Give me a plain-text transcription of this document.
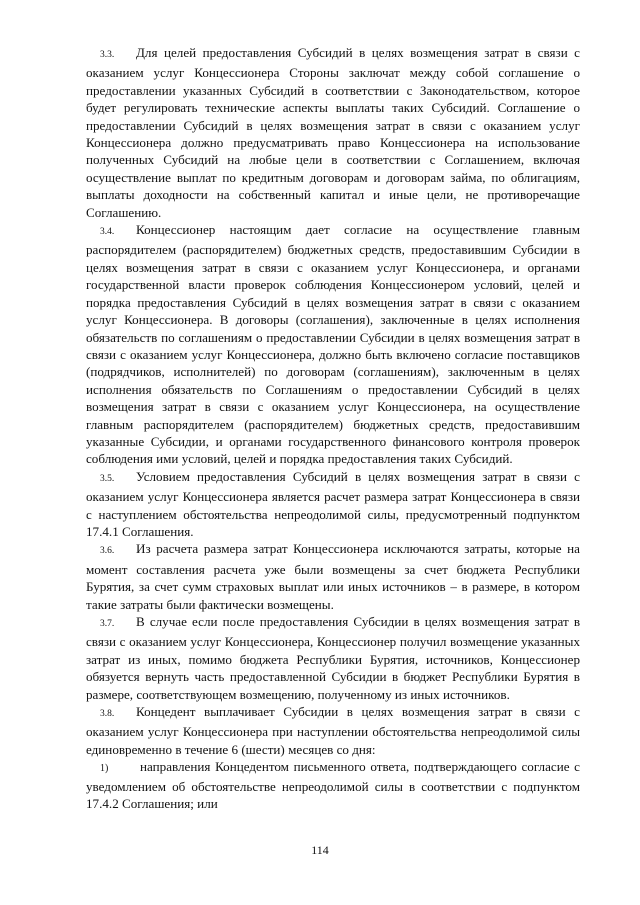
3.3. Для целей предоставления Субсидий в целях возмещения затрат в связи с оказанием услуг Концессионера Стороны заключат между собой соглашение о предоставлении указанных Субсидий в соответствии с Законодательством, которое будет регулировать технические аспекты выплаты таких Субсидий. Соглашение о предоставлении Субсидий в целях возмещения затрат в связи с оказанием услуг Концессионера должно предусматривать право Концессионера на использование полученных Субсидий на любые цели в соответствии с Соглашением, включая осуществление выплат по кредитным договорам и договорам займа, по облигациям, выплаты доходности на собственный капитал и иные цели, не противоречащие Соглашению.

3.4. Концессионер настоящим дает согласие на осуществление главным распорядителем (распорядителем) бюджетных средств, предоставившим Субсидии в целях возмещения затрат в связи с оказанием услуг Концессионера, и органами государственной власти проверок соблюдения Концессионером условий, целей и порядка предоставления Субсидий в целях возмещения затрат в связи с оказанием услуг Концессионера. В договоры (соглашения), заключенные в целях исполнения обязательств по соглашениям о предоставлении Субсидии в целях возмещения затрат в связи с оказанием услуг Концессионера, должно быть включено согласие поставщиков (подрядчиков, исполнителей) по договорам (соглашениям), заключенным в целях исполнения обязательств по Соглашениям о предоставлении Субсидий в целях возмещения затрат в связи с оказанием услуг Концессионера, на осуществление главным распорядителем (распорядителем) бюджетных средств, предоставившим указанные Субсидии, и органами государственного финансового контроля проверок соблюдения ими условий, целей и порядка предоставления таких Субсидий.

3.5. Условием предоставления Субсидий в целях возмещения затрат в связи с оказанием услуг Концессионера является расчет размера затрат Концессионера в связи с наступлением обстоятельства непреодолимой силы, предусмотренный подпунктом 17.4.1 Соглашения.

3.6. Из расчета размера затрат Концессионера исключаются затраты, которые на момент составления расчета уже были возмещены за счет бюджета Республики Бурятия, за счет сумм страховых выплат или иных источников – в размере, в котором такие затраты были фактически возмещены.

3.7. В случае если после предоставления Субсидии в целях возмещения затрат в связи с оказанием услуг Концессионера, Концессионер получил возмещение указанных затрат из иных, помимо бюджета Республики Бурятия, источников, Концессионер обязуется вернуть часть предоставленной Субсидии в бюджет Республики Бурятия в размере, соответствующем возмещению, полученному из иных источников.

3.8. Концедент выплачивает Субсидии в целях возмещения затрат в связи с оказанием услуг Концессионера при наступлении обстоятельства непреодолимой силы единовременно в течение 6 (шести) месяцев со дня:

1) направления Концедентом письменного ответа, подтверждающего согласие с уведомлением об обстоятельстве непреодолимой силы в соответствии с подпунктом 17.4.2 Соглашения; или

114
